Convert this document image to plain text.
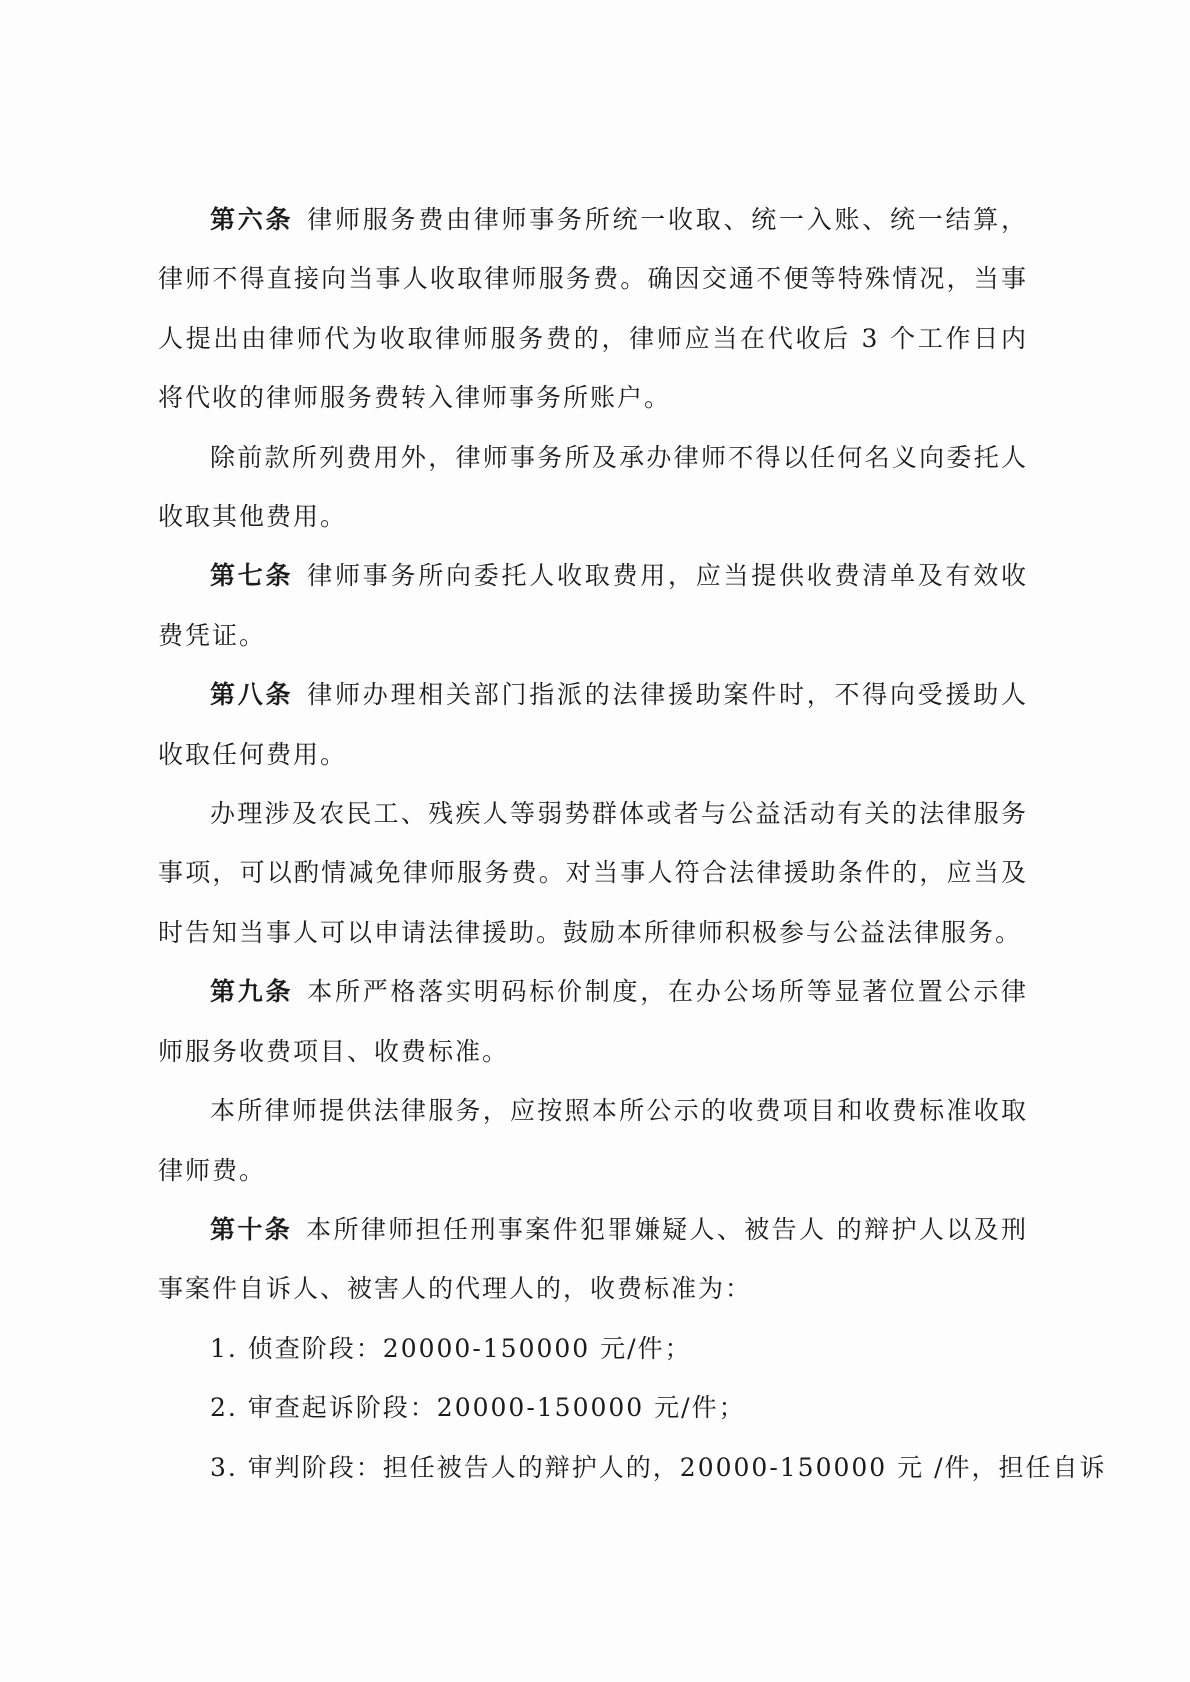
第六条 律师服务费由律师事务所统一收取、统一入账、统一结算，律师不得直接向当事人收取律师服务费。确因交通不便等特殊情况，当事人提出由律师代为收取律师服务费的，律师应当在代收后 3 个工作日内将代收的律师服务费转入律师事务所账户。

除前款所列费用外，律师事务所及承办律师不得以任何名义向委托人收取其他费用。

第七条 律师事务所向委托人收取费用，应当提供收费清单及有效收费凭证。

第八条 律师办理相关部门指派的法律援助案件时，不得向受援助人收取任何费用。

办理涉及农民工、残疾人等弱势群体或者与公益活动有关的法律服务事项，可以酌情减免律师服务费。对当事人符合法律援助条件的，应当及时告知当事人可以申请法律援助。鼓励本所律师积极参与公益法律服务。

第九条 本所严格落实明码标价制度，在办公场所等显著位置公示律师服务收费项目、收费标准。

本所律师提供法律服务，应按照本所公示的收费项目和收费标准收取律师费。

第十条 本所律师担任刑事案件犯罪嫌疑人、被告人 的辩护人以及刑事案件自诉人、被害人的代理人的，收费标准为：

1. 侦查阶段：20000-150000 元/件；

2. 审查起诉阶段：20000-150000 元/件；

3. 审判阶段：担任被告人的辩护人的，20000-150000 元 /件，担任自诉
